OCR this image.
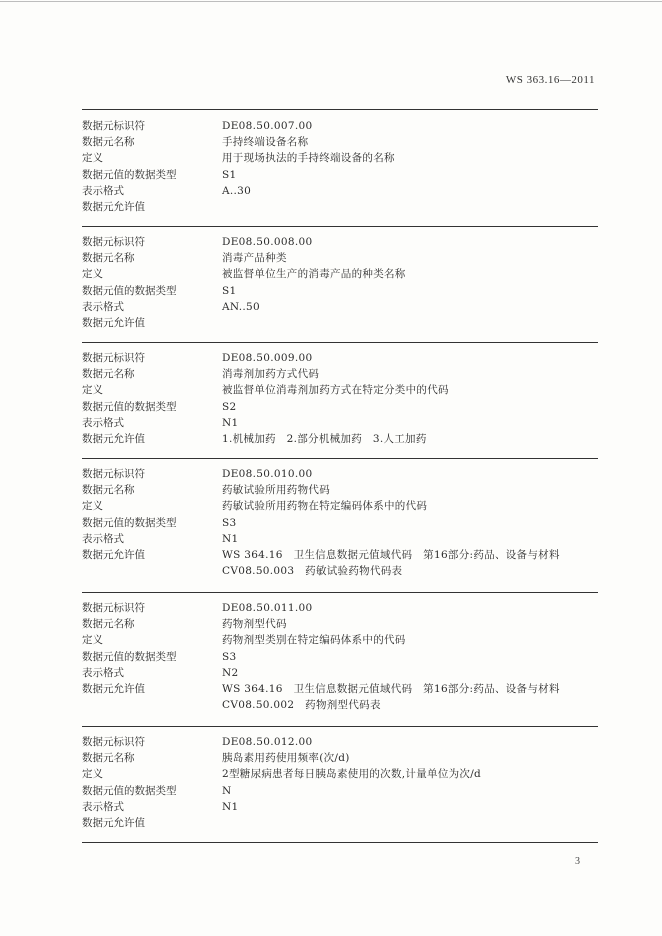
WS 363.16—2011
数据元标识符	DE08.50.007.00
数据元名称	手持终端设备名称
定义	用于现场执法的手持终端设备的名称
数据元值的数据类型	S1
表示格式	A..30
数据元允许值
数据元标识符	DE08.50.008.00
数据元名称	消毒产品种类
定义	被监督单位生产的消毒产品的种类名称
数据元值的数据类型	S1
表示格式	AN..50
数据元允许值
数据元标识符	DE08.50.009.00
数据元名称	消毒剂加药方式代码
定义	被监督单位消毒剂加药方式在特定分类中的代码
数据元值的数据类型	S2
表示格式	N1
数据元允许值	1.机械加药　2.部分机械加药　3.人工加药
数据元标识符	DE08.50.010.00
数据元名称	药敏试验所用药物代码
定义	药敏试验所用药物在特定编码体系中的代码
数据元值的数据类型	S3
表示格式	N1
数据元允许值	WS 364.16　卫生信息数据元值域代码　第16部分:药品、设备与材料
CV08.50.003　药敏试验药物代码表
数据元标识符	DE08.50.011.00
数据元名称	药物剂型代码
定义	药物剂型类别在特定编码体系中的代码
数据元值的数据类型	S3
表示格式	N2
数据元允许值	WS 364.16　卫生信息数据元值域代码　第16部分:药品、设备与材料
CV08.50.002　药物剂型代码表
数据元标识符	DE08.50.012.00
数据元名称	胰岛素用药使用频率(次/d)
定义	2型糖尿病患者每日胰岛素使用的次数,计量单位为次/d
数据元值的数据类型	N
表示格式	N1
数据元允许值
3
